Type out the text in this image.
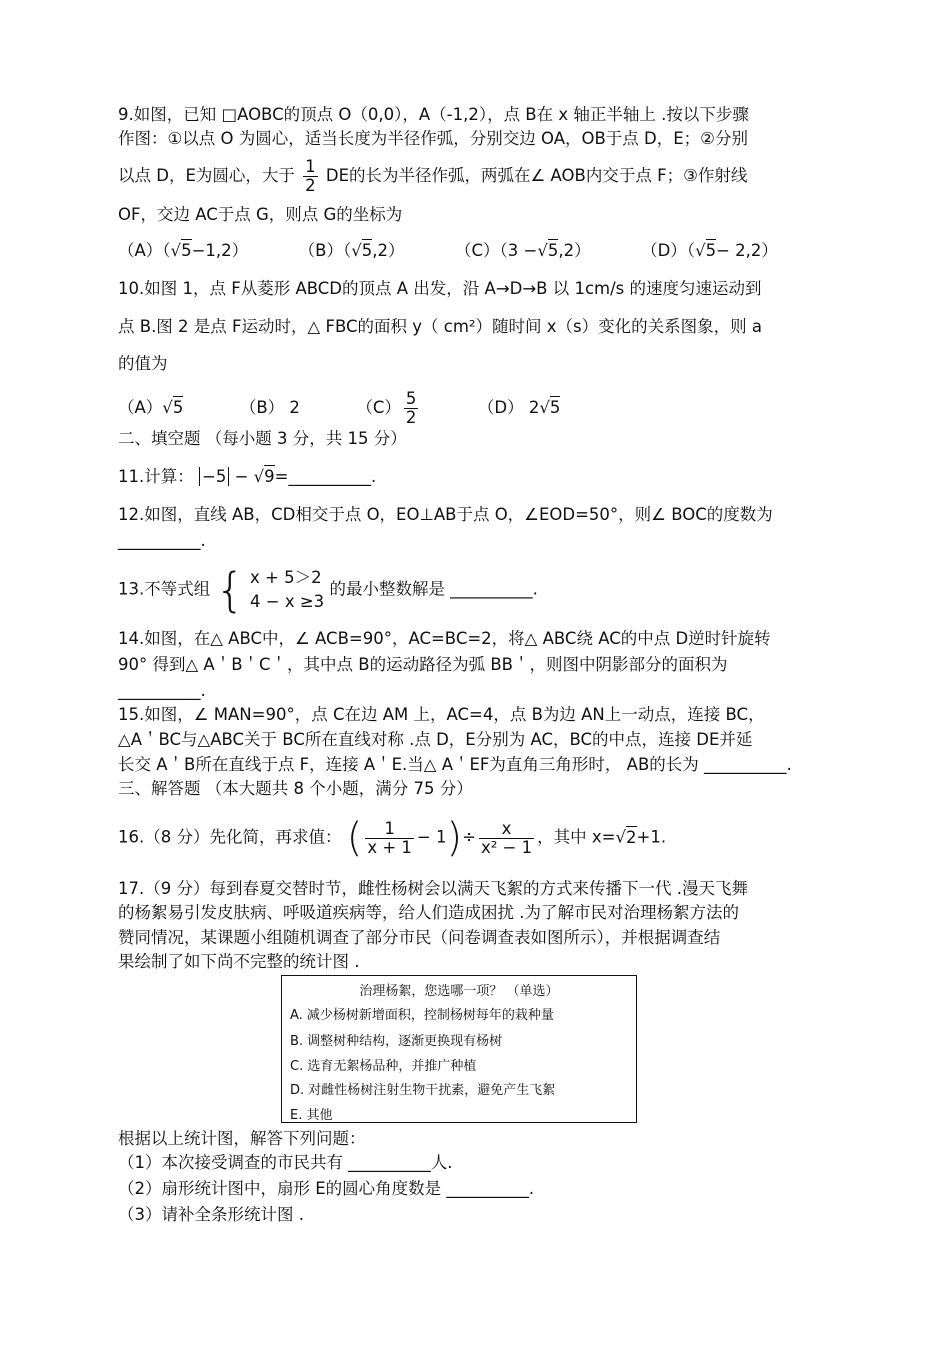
9.如图，已知 □AOBC的顶点 O（0,0），A（-1,2），点 B在 x 轴正半轴上 .按以下步骤
作图：①以点 O 为圆心，适当长度为半径作弧，分别交边 OA，OB于点 D，E；②分别
以点 D，E为圆心，大于 $\frac{1}{2}$ DE的长为半径作弧，两弧在∠ AOB内交于点 F；③作射线
OF，交边 AC于点 G，则点 G的坐标为
（A）（√5−1,2）	（B）（√5,2）	（C）（3 −√5,2）	（D）（√5− 2,2）
10.如图 1，点 F从菱形 ABCD的顶点 A 出发，沿 A→D→B 以 1cm/s 的速度匀速运动到
点 B.图 2 是点 F运动时，△ FBC的面积 y（ cm²）随时间 x（s）变化的关系图象，则 a
的值为
（A）√5	（B） 2	$(C) \frac{5}{2}$	（D） 2√5
二、填空题 （每小题 3 分，共 15 分）
11.计算： −5 − √9=__________.
12.如图，直线 AB，CD相交于点 O，EO⊥AB于点 O，∠EOD=50°，则∠ BOC的度数为
__________.
13.不等式组 { x + 5＞2
4 − x ≥3
的最小整数解是 __________.
14.如图，在△ ABC中，∠ ACB=90°，AC=BC=2，将△ ABC绕 AC的中点 D逆时针旋转
90° 得到△ A＇B＇C＇，其中点 B的运动路径为弧 BB＇，则图中阴影部分的面积为
__________.
15.如图，∠ MAN=90°，点 C在边 AM 上，AC=4，点 B为边 AN上一动点，连接 BC，
△A＇BC与△ABC关于 BC所在直线对称 .点 D，E分别为 AC，BC的中点，连接 DE并延
长交 A＇B所在直线于点 F，连接 A＇E.当△ A＇EF为直角三角形时， AB的长为 __________.
三、解答题 （本大题共 8 个小题，满分 75 分）
16.（8 分）先化简，再求值： ( $\frac{1}{x + 1} - 1)\div \frac{x}{\text{x² − 1}}$ ，其中 x=√2+1.
17.（9 分）每到春夏交替时节，雌性杨树会以满天飞絮的方式来传播下一代 .漫天飞舞
的杨絮易引发皮肤病、呼吸道疾病等，给人们造成困扰 .为了解市民对治理杨絮方法的
赞同情况，某课题小组随机调查了部分市民（问卷调查表如图所示），并根据调查结
果绘制了如下尚不完整的统计图 .
治理杨絮，您选哪一项？ （单选）
A. 减少杨树新增面积，控制杨树每年的栽种量
B. 调整树种结构，逐渐更换现有杨树
C. 选育无絮杨品种，并推广种植
D. 对雌性杨树注射生物干扰素，避免产生飞絮
E. 其他
根据以上统计图，解答下列问题：
（1）本次接受调查的市民共有 __________人.
（2）扇形统计图中，扇形 E的圆心角度数是 __________.
（3）请补全条形统计图 .
